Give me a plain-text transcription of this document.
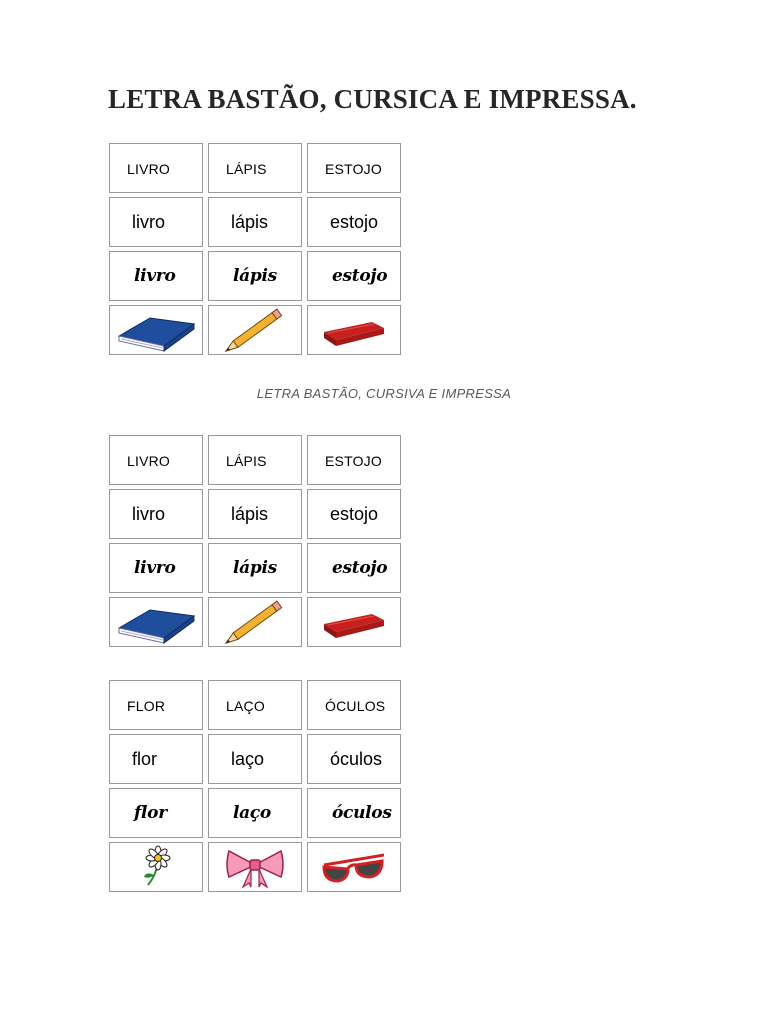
LETRA BASTÃO, CURSICA E IMPRESSA.
LIVRO	LÁPIS	ESTOJO
livro	lápis	estojo
livro	lápis	estojo
LETRA BASTÃO, CURSIVA E IMPRESSA
LIVRO	LÁPIS	ESTOJO
livro	lápis	estojo
livro	lápis	estojo
FLOR	LAÇO	ÓCULOS
flor	laço	óculos
flor	laço	óculos
